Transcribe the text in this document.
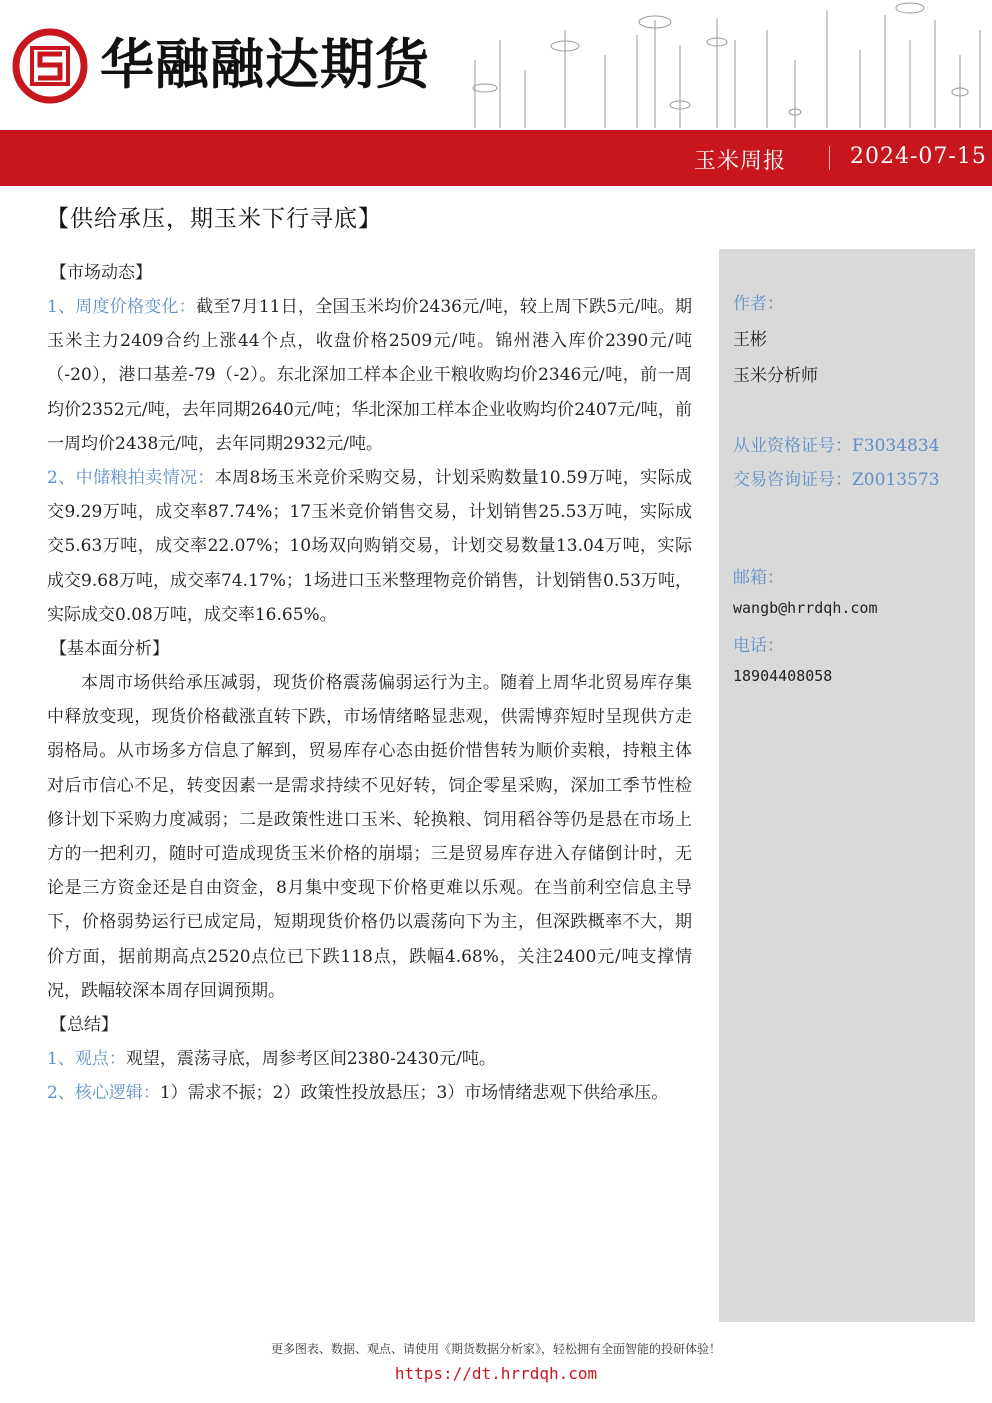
华融融达期货
玉米周报	2024-07-15
【供给承压，期玉米下行寻底】
【市场动态】

1、周度价格变化：截至7月11日，全国玉米均价2436元/吨，较上周下跌5元/吨。期玉米主力2409合约上涨44个点，收盘价格2509元/吨。锦州港入库价2390元/吨（-20），港口基差-79（-2）。东北深加工样本企业干粮收购均价2346元/吨，前一周均价2352元/吨，去年同期2640元/吨；华北深加工样本企业收购均价2407元/吨，前一周均价2438元/吨，去年同期2932元/吨。

2、中储粮拍卖情况：本周8场玉米竞价采购交易，计划采购数量10.59万吨，实际成交9.29万吨，成交率87.74%；17玉米竞价销售交易，计划销售25.53万吨，实际成交5.63万吨，成交率22.07%；10场双向购销交易，计划交易数量13.04万吨，实际成交9.68万吨，成交率74.17%；1场进口玉米整理物竞价销售，计划销售0.53万吨，实际成交0.08万吨，成交率16.65%。

【基本面分析】

本周市场供给承压减弱，现货价格震荡偏弱运行为主。随着上周华北贸易库存集中释放变现，现货价格截涨直转下跌，市场情绪略显悲观，供需博弈短时呈现供方走弱格局。从市场多方信息了解到，贸易库存心态由挺价惜售转为顺价卖粮，持粮主体对后市信心不足，转变因素一是需求持续不见好转，饲企零星采购，深加工季节性检修计划下采购力度减弱；二是政策性进口玉米、轮换粮、饲用稻谷等仍是悬在市场上方的一把利刃，随时可造成现货玉米价格的崩塌；三是贸易库存进入存储倒计时，无论是三方资金还是自由资金，8月集中变现下价格更难以乐观。在当前利空信息主导下，价格弱势运行已成定局，短期现货价格仍以震荡向下为主，但深跌概率不大，期价方面，据前期高点2520点位已下跌118点，跌幅4.68%，关注2400元/吨支撑情况，跌幅较深本周存回调预期。

【总结】

1、观点：观望，震荡寻底，周参考区间2380-2430元/吨。

2、核心逻辑：1）需求不振；2）政策性投放悬压；3）市场情绪悲观下供给承压。

作者：
王彬
玉米分析师
从业资格证号：F3034834
交易咨询证号：Z0013573
邮箱：
wangb@hrrdqh.com
电话：
18904408058
更多图表、数据、观点、请使用《期货数据分析家》，轻松拥有全面智能的投研体验！
https://dt.hrrdqh.com
